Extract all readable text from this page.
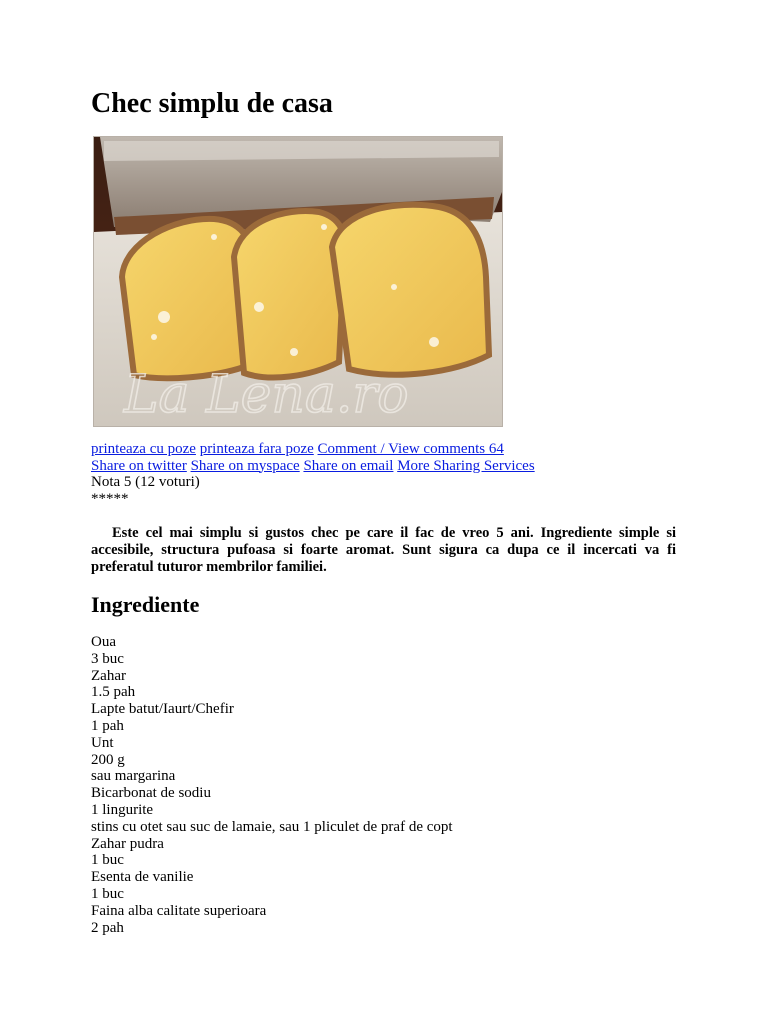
Chec simplu de casa
La Lena.ro
printeaza cu poze printeaza fara poze Comment / View comments 64
Share on twitter Share on myspace Share on email More Sharing Services
Nota 5 (12 voturi)
*****

Este cel mai simplu si gustos chec pe care il fac de vreo 5 ani. Ingrediente simple si accesibile, structura pufoasa si foarte aromat. Sunt sigura ca dupa ce il incercati va fi preferatul tuturor membrilor familiei.

Ingrediente
Oua
3 buc
Zahar
1.5 pah
Lapte batut/Iaurt/Chefir
1 pah
Unt
200 g
sau margarina
Bicarbonat de sodiu
1 lingurite
stins cu otet sau suc de lamaie, sau 1 pliculet de praf de copt
Zahar pudra
1 buc
Esenta de vanilie
1 buc
Faina alba calitate superioara
2 pah
